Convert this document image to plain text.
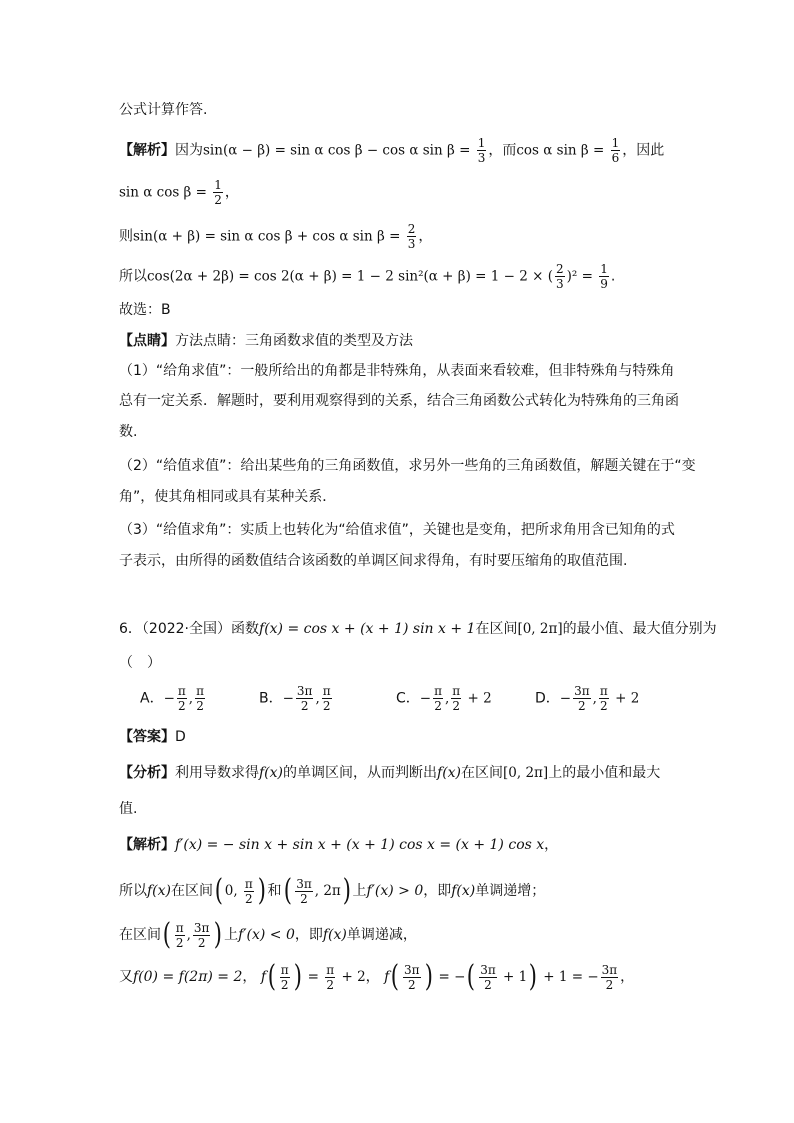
公式计算作答.
【解析】因为sin(α − β) = sin α cos β − cos α $\sin \beta = \frac{1}{3}$ ，而cos α $\sin \beta = \frac{1}{6}$ ，因此
sin α $\cos \beta = \frac{1}{2}$ ，
则sin(α + β) = sin α cos β + cos α $\sin \beta = \frac{2}{3}$ ，
所以cos(2α + 2β) = cos 2(α + β) = 1 − 2 sin²(α + β) = 1 − 2 × ( $\frac{2}{3} )^2 = \frac{1}{9}$ .
故选：B
【点睛】方法点睛：三角函数求值的类型及方法
（1）“给角求值”：一般所给出的角都是非特殊角，从表面来看较难，但非特殊角与特殊角
总有一定关系．解题时，要利用观察得到的关系，结合三角函数公式转化为特殊角的三角函
数.
（2）“给值求值”：给出某些角的三角函数值，求另外一些角的三角函数值，解题关键在于“变
角”，使其角相同或具有某种关系．
（3）“给值求角”：实质上也转化为“给值求值”，关键也是变角，把所求角用含已知角的式
子表示，由所得的函数值结合该函数的单调区间求得角，有时要压缩角的取值范围.
6．（2022·全国）函数f(x) = cos x + (x + 1) sin x + 1在区间[0, 2π]的最小值、最大值分别为
（　）
A．− $\frac{\pi}{2}$ , $\frac{\pi}{2}$	B．− $\frac{3\pi}{2}$ , $\frac{\pi}{2}$	C．− $\frac{\pi}{2}$ , $\frac{\pi}{2} + 2$	D．− $\frac{3\pi}{2}$ , $\frac{\pi}{2} + 2$
【答案】D
【分析】利用导数求得f(x)的单调区间，从而判断出f(x)在区间[0, 2π]上的最小值和最大
值.
【解析】f′(x) = − sin x + sin x + (x + 1) cos x = (x + 1) cos x，
所以f(x)在区间( 0, $\frac{\pi}{2}$ ) 和( $\frac{3\pi}{2}$ , 2π) 上f′(x) > 0，即f(x)单调递增；
在区间( $\frac{\pi}{2}$ , $\frac{3\pi}{2}$ ) 上f′(x) < 0，即f(x)单调递减，
又f(0) = f(2π) = 2， $f( \frac{\pi}{2}$ ) = $\frac{\pi}{2} + 2$， $f( \frac{3\pi}{2}$ ) = −( $\frac{3\pi}{2} + 1) + 1$ = − $\frac{3\pi}{2}$ ，
